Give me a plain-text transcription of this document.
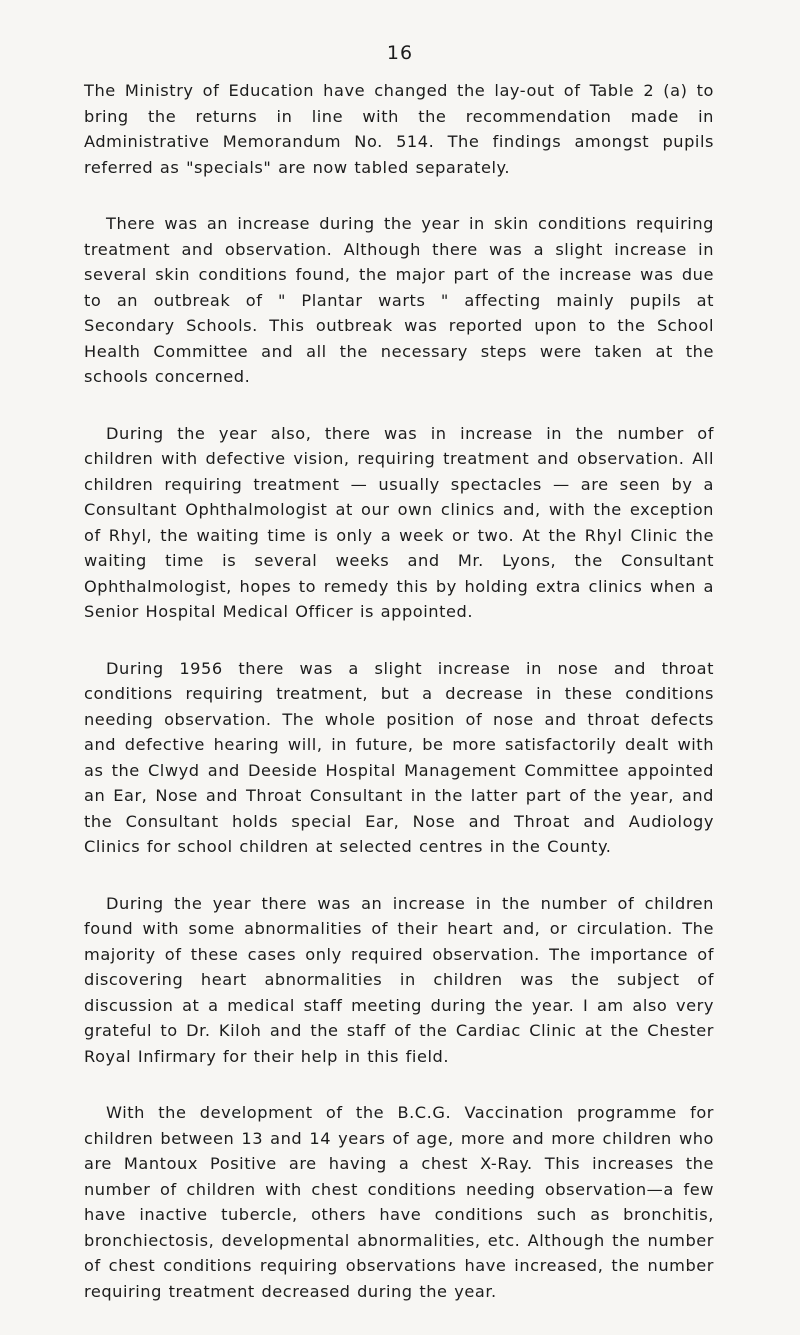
16

The Ministry of Education have changed the lay-out of Table 2 (a) to bring the returns in line with the recommendation made in Administrative Memorandum No. 514. The findings amongst pupils referred as "specials" are now tabled separately.

There was an increase during the year in skin conditions requiring treatment and observation. Although there was a slight increase in several skin conditions found, the major part of the increase was due to an outbreak of " Plantar warts " affecting mainly pupils at Secondary Schools. This outbreak was reported upon to the School Health Committee and all the necessary steps were taken at the schools concerned.

During the year also, there was in increase in the number of children with defective vision, requiring treatment and observation. All children requiring treatment — usually spectacles — are seen by a Consultant Ophthalmologist at our own clinics and, with the exception of Rhyl, the waiting time is only a week or two. At the Rhyl Clinic the waiting time is several weeks and Mr. Lyons, the Consultant Ophthalmologist, hopes to remedy this by holding extra clinics when a Senior Hospital Medical Officer is appointed.

During 1956 there was a slight increase in nose and throat conditions requiring treatment, but a decrease in these conditions needing observation. The whole position of nose and throat defects and defective hearing will, in future, be more satisfactorily dealt with as the Clwyd and Deeside Hospital Management Committee appointed an Ear, Nose and Throat Consultant in the latter part of the year, and the Consultant holds special Ear, Nose and Throat and Audiology Clinics for school children at selected centres in the County.

During the year there was an increase in the number of children found with some abnormalities of their heart and, or circulation. The majority of these cases only required observation. The importance of discovering heart abnormalities in children was the subject of discussion at a medical staff meeting during the year. I am also very grateful to Dr. Kiloh and the staff of the Cardiac Clinic at the Chester Royal Infirmary for their help in this field.

With the development of the B.C.G. Vaccination programme for children between 13 and 14 years of age, more and more children who are Mantoux Positive are having a chest X-Ray. This increases the number of children with chest conditions needing observation—a few have inactive tubercle, others have conditions such as bronchitis, bronchiectosis, developmental abnormalities, etc. Although the number of chest conditions requiring observations have increased, the number requiring treatment decreased during the year.
